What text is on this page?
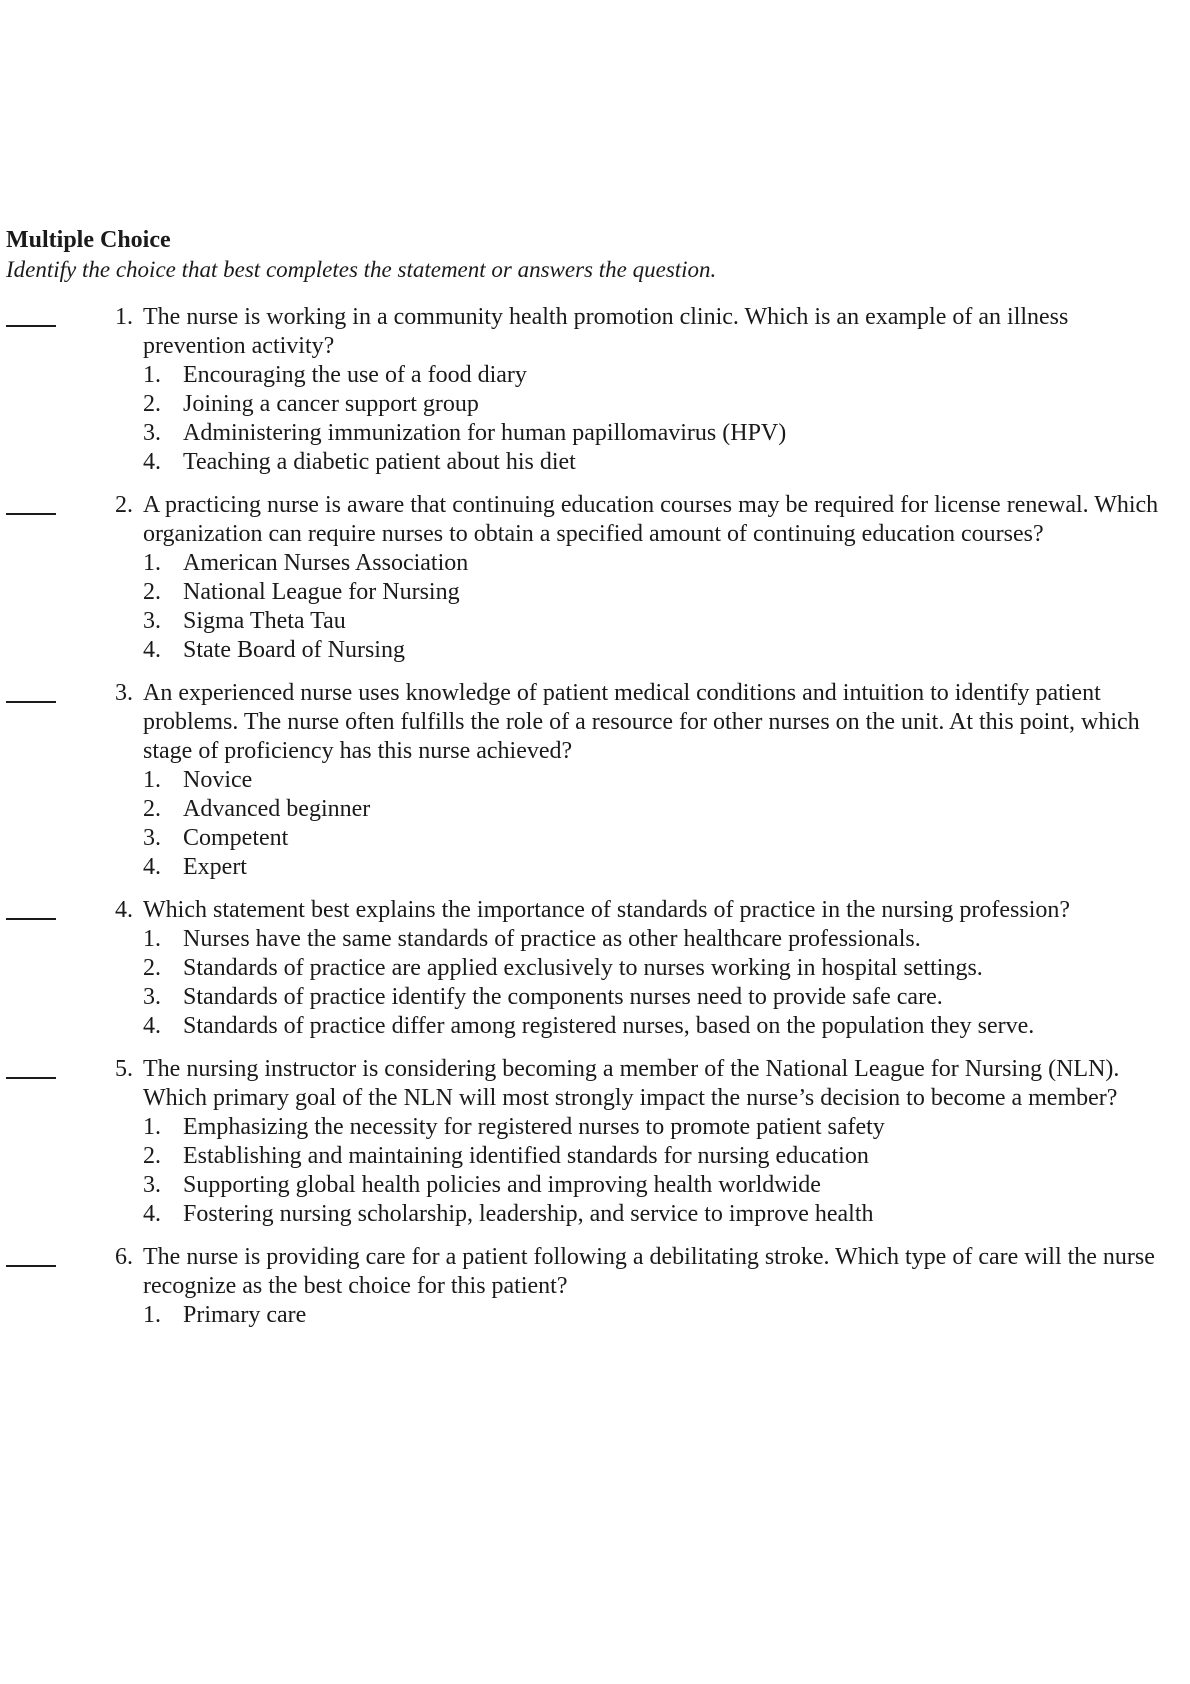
Multiple Choice

Identify the choice that best completes the statement or answers the question.

1. The nurse is working in a community health promotion clinic. Which is an example of an illness prevention activity?

1. Encouraging the use of a food diary
2. Joining a cancer support group
3. Administering immunization for human papillomavirus (HPV)
4. Teaching a diabetic patient about his diet
2. A practicing nurse is aware that continuing education courses may be required for license renewal. Which organization can require nurses to obtain a specified amount of continuing education courses?

1. American Nurses Association
2. National League for Nursing
3. Sigma Theta Tau
4. State Board of Nursing
3. An experienced nurse uses knowledge of patient medical conditions and intuition to identify patient problems. The nurse often fulfills the role of a resource for other nurses on the unit. At this point, which stage of proficiency has this nurse achieved?

1. Novice
2. Advanced beginner
3. Competent
4. Expert
4. Which statement best explains the importance of standards of practice in the nursing profession?

1. Nurses have the same standards of practice as other healthcare professionals.
2. Standards of practice are applied exclusively to nurses working in hospital settings.
3. Standards of practice identify the components nurses need to provide safe care.
4. Standards of practice differ among registered nurses, based on the population they serve.
5. The nursing instructor is considering becoming a member of the National League for Nursing (NLN). Which primary goal of the NLN will most strongly impact the nurse’s decision to become a member?

1. Emphasizing the necessity for registered nurses to promote patient safety
2. Establishing and maintaining identified standards for nursing education
3. Supporting global health policies and improving health worldwide
4. Fostering nursing scholarship, leadership, and service to improve health
6. The nurse is providing care for a patient following a debilitating stroke. Which type of care will the nurse recognize as the best choice for this patient?

1. Primary care
